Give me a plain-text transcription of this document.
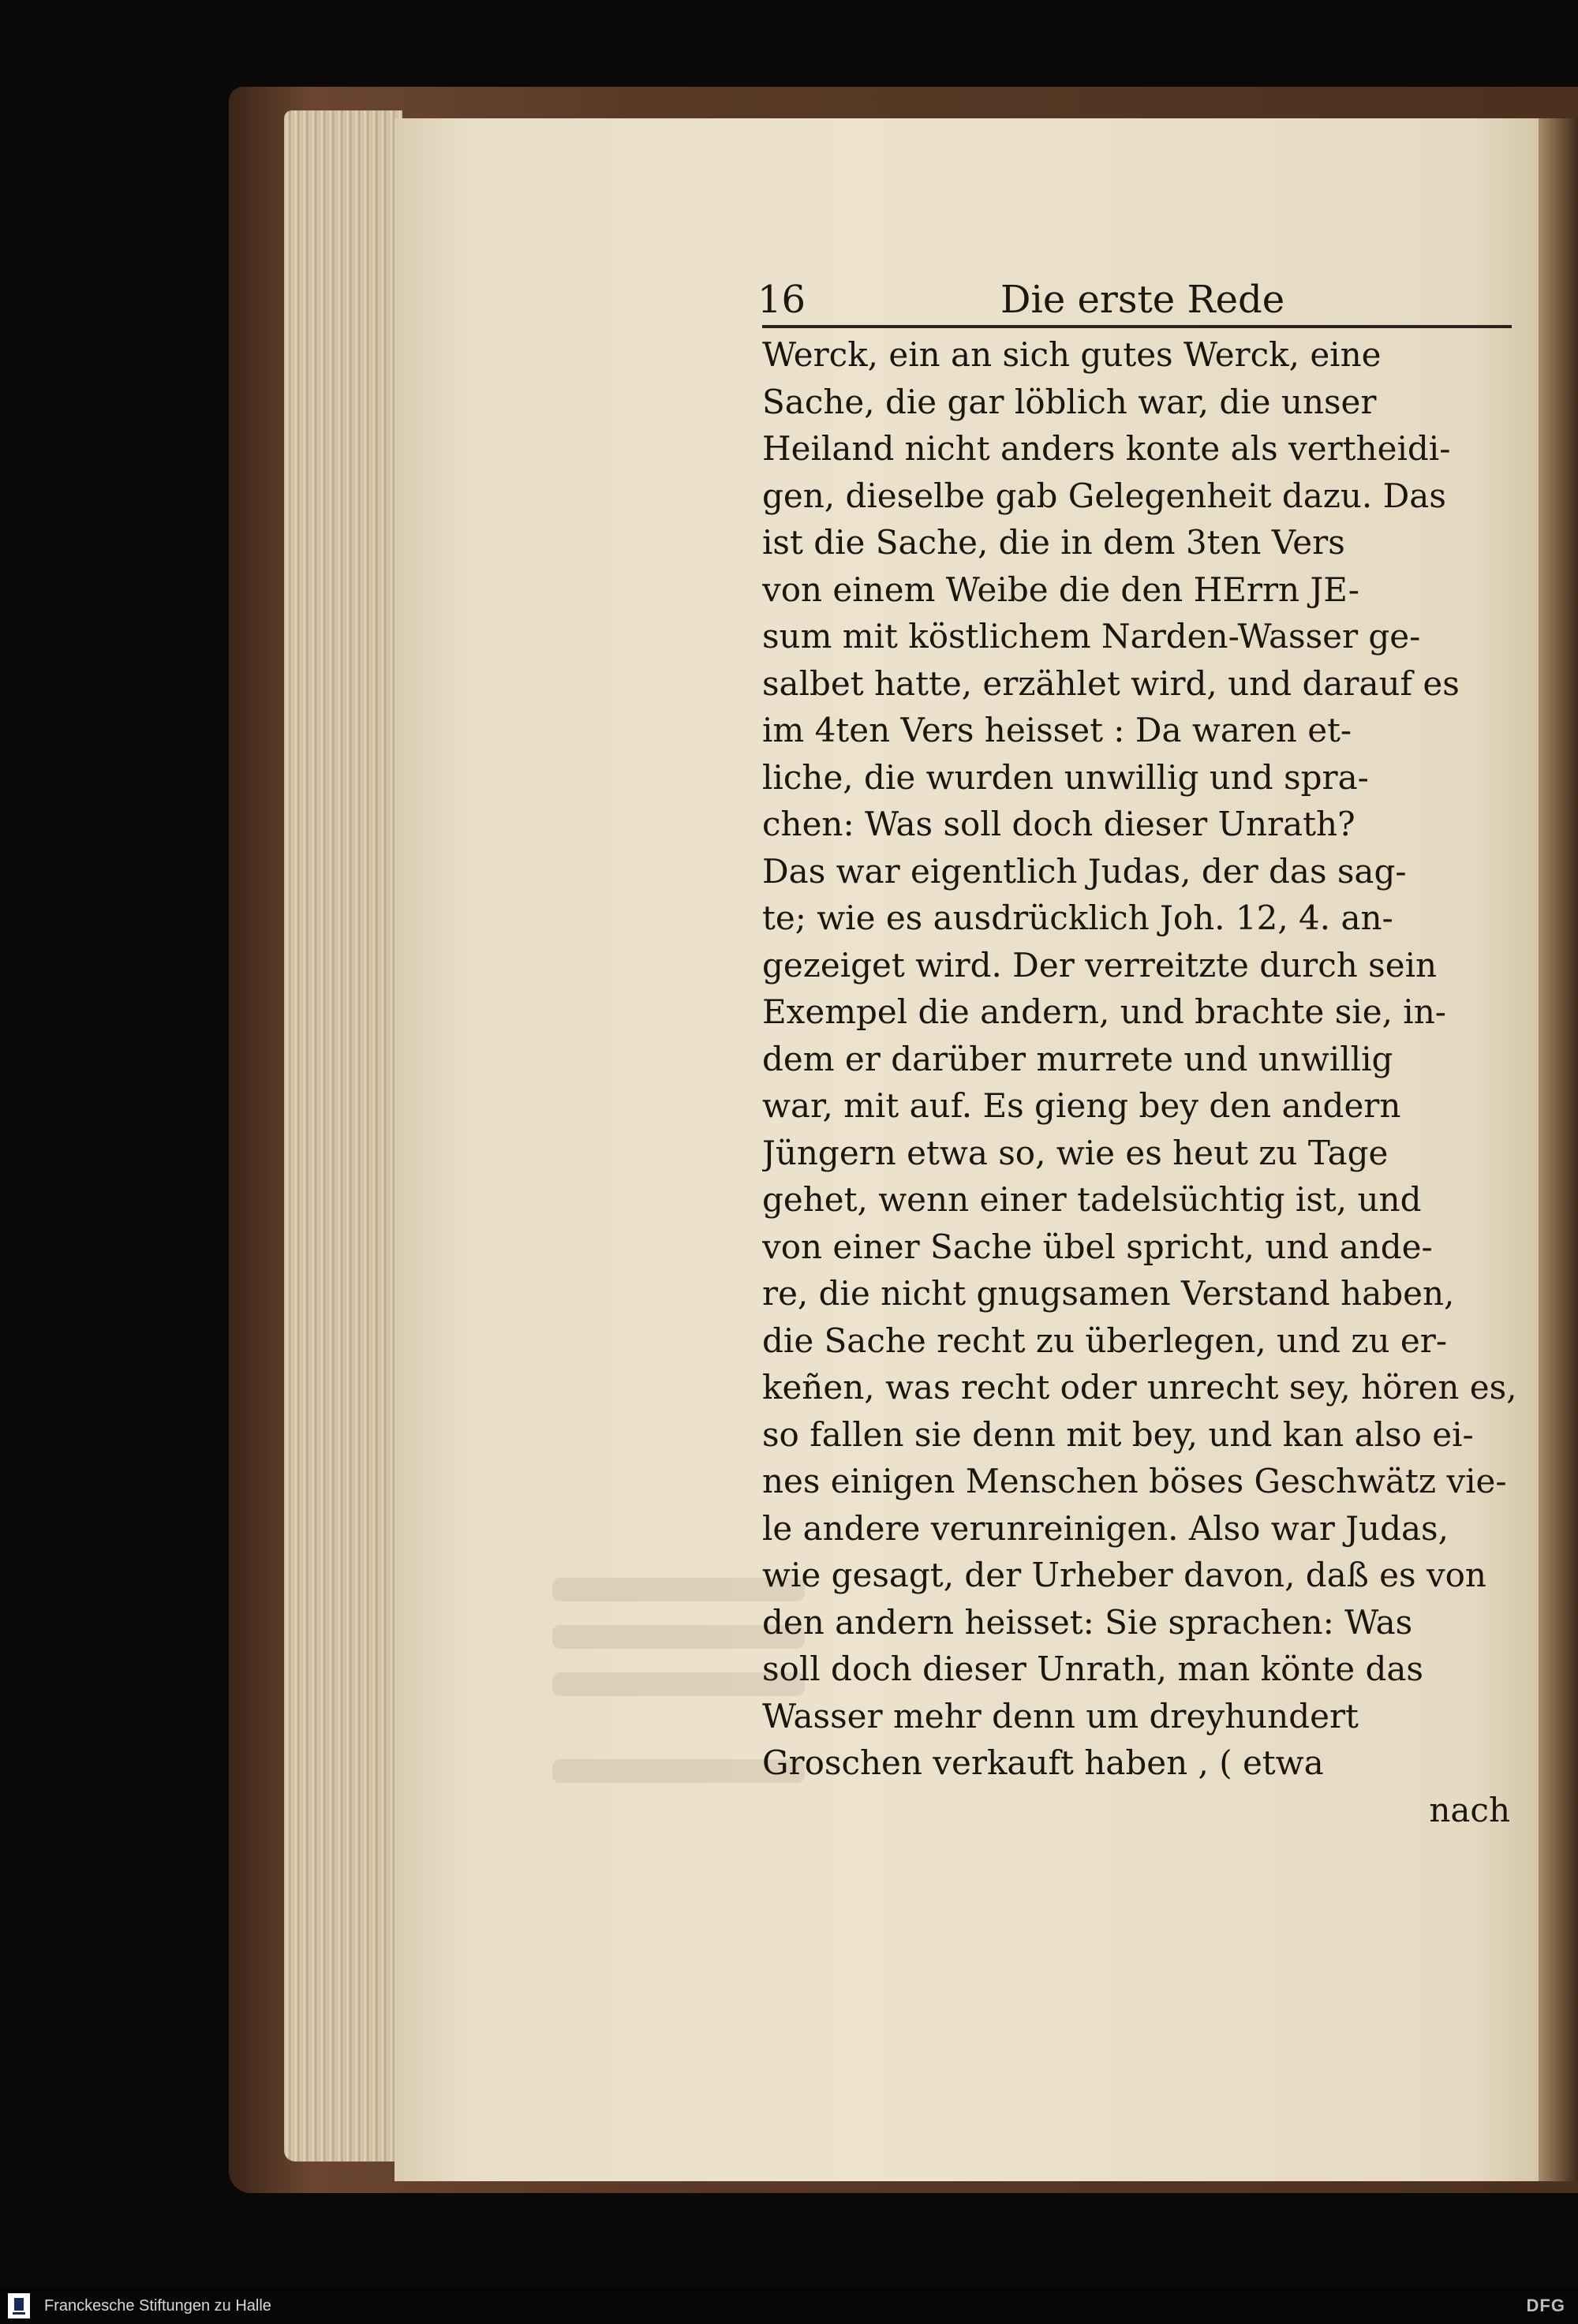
16	Die erste Rede
Werck, ein an sich gutes Werck, eine
Sache, die gar löblich war, die unser
Heiland nicht anders konte als vertheidi-
gen, dieselbe gab Gelegenheit dazu. Das
ist die Sache, die in dem 3ten Vers
von einem Weibe die den HErrn JE-
sum mit köstlichem Narden-Wasser ge-
salbet hatte, erzählet wird, und darauf es
im 4ten Vers heisset : Da waren et-
liche, die wurden unwillig und spra-
chen: Was soll doch dieser Unrath?
Das war eigentlich Judas, der das sag-
te; wie es ausdrücklich Joh. 12, 4. an-
gezeiget wird. Der verreitzte durch sein
Exempel die andern, und brachte sie, in-
dem er darüber murrete und unwillig
war, mit auf. Es gieng bey den andern
Jüngern etwa so, wie es heut zu Tage
gehet, wenn einer tadelsüchtig ist, und
von einer Sache übel spricht, und ande-
re, die nicht gnugsamen Verstand haben,
die Sache recht zu überlegen, und zu er-
keñen, was recht oder unrecht sey, hören es,
so fallen sie denn mit bey, und kan also ei-
nes einigen Menschen böses Geschwätz vie-
le andere verunreinigen. Also war Judas,
wie gesagt, der Urheber davon, daß es von
den andern heisset: Sie sprachen: Was
soll doch dieser Unrath, man könte das
Wasser mehr denn um dreyhundert
Groschen verkauft haben , ( etwa
nach
Franckesche Stiftungen zu Halle	DFG
